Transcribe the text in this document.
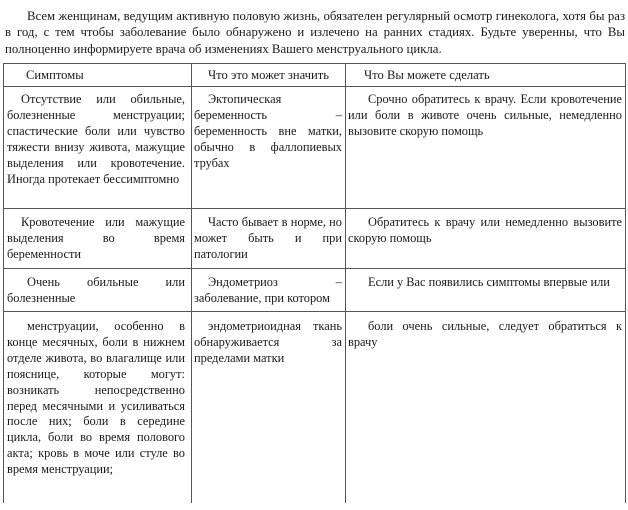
Всем женщинам, ведущим активную половую жизнь, обязателен регулярный осмотр гинеколога, хотя бы раз в год, с тем чтобы заболевание было обнаружено и излечено на ранних стадиях. Будьте уверенны, что Вы полноценно информируете врача об изменениях Вашего менструального цикла.
Симптомы	Что это может значить	Что Вы можете сделать
Отсутствие или обильные, болезненные менструации; спастические боли или чувство тяжести внизу живота, мажущие выделения или кровотечение. Иногда протекает бессимптомно
Эктопическая беременность – беременность вне матки, обычно в фаллопиевых трубах
Срочно обратитесь к врачу. Если кровотечение или боли в животе очень сильные, немедленно вызовите скорую помощь
Кровотечение или мажущие выделения во время беременности
Часто бывает в норме, но может быть и при патологии
Обратитесь к врачу или немедленно вызовите скорую помощь
Очень обильные или болезненные
Эндометриоз – заболевание, при котором
Если у Вас появились симптомы впервые или
менструации, особенно в конце месячных, боли в нижнем отделе живота, во влагалище или пояснице, которые могут: возникать непосредственно перед месячными и усиливаться после них; боли в середине цикла, боли во время полового акта; кровь в моче или стуле во время менструации;
эндометриоидная ткань обнаруживается за пределами матки
боли очень сильные, следует обратиться к врачу
